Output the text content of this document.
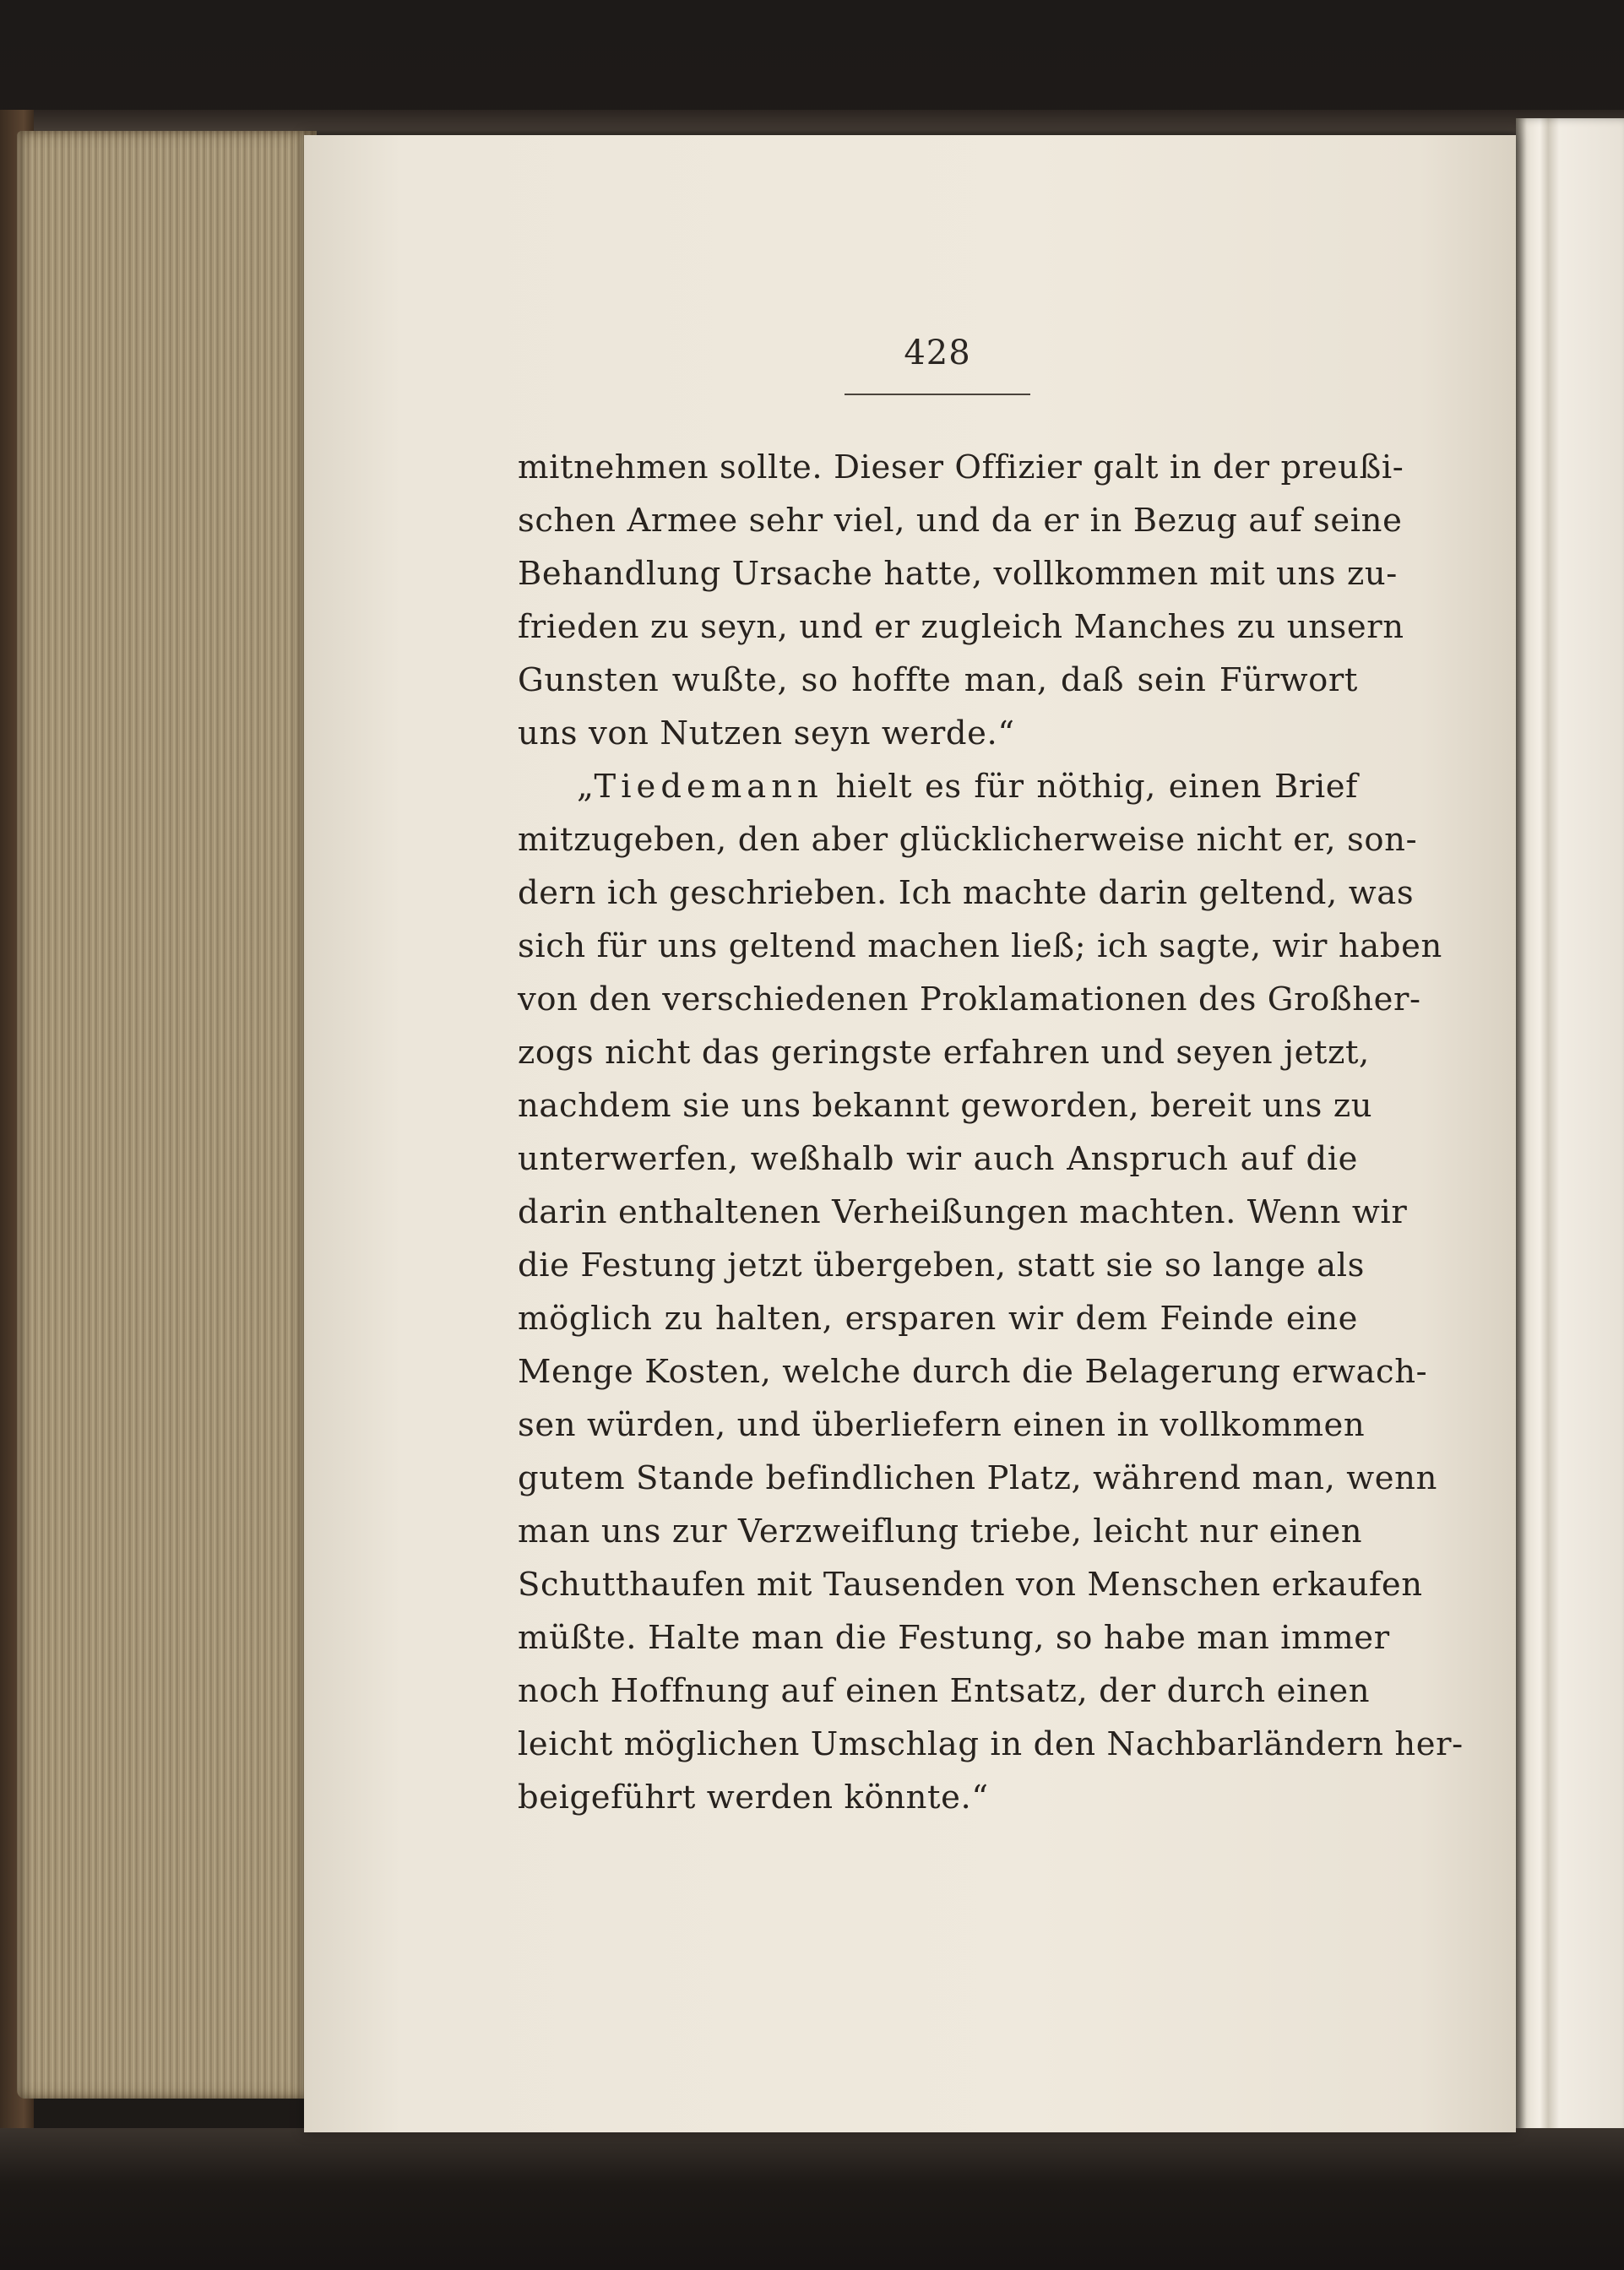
428
mitnehmen sollte. Dieser Offizier galt in der preußi-
schen Armee sehr viel, und da er in Bezug auf seine
Behandlung Ursache hatte, vollkommen mit uns zu-
frieden zu seyn, und er zugleich Manches zu unsern
Gunsten wußte, so hoffte man, daß sein Fürwort
uns von Nutzen seyn werde.“
„Tiedemann hielt es für nöthig, einen Brief
mitzugeben, den aber glücklicherweise nicht er, son-
dern ich geschrieben. Ich machte darin geltend, was
sich für uns geltend machen ließ; ich sagte, wir haben
von den verschiedenen Proklamationen des Großher-
zogs nicht das geringste erfahren und seyen jetzt,
nachdem sie uns bekannt geworden, bereit uns zu
unterwerfen, weßhalb wir auch Anspruch auf die
darin enthaltenen Verheißungen machten. Wenn wir
die Festung jetzt übergeben, statt sie so lange als
möglich zu halten, ersparen wir dem Feinde eine
Menge Kosten, welche durch die Belagerung erwach-
sen würden, und überliefern einen in vollkommen
gutem Stande befindlichen Platz, während man, wenn
man uns zur Verzweiflung triebe, leicht nur einen
Schutthaufen mit Tausenden von Menschen erkaufen
müßte. Halte man die Festung, so habe man immer
noch Hoffnung auf einen Entsatz, der durch einen
leicht möglichen Umschlag in den Nachbarländern her-
beigeführt werden könnte.“
